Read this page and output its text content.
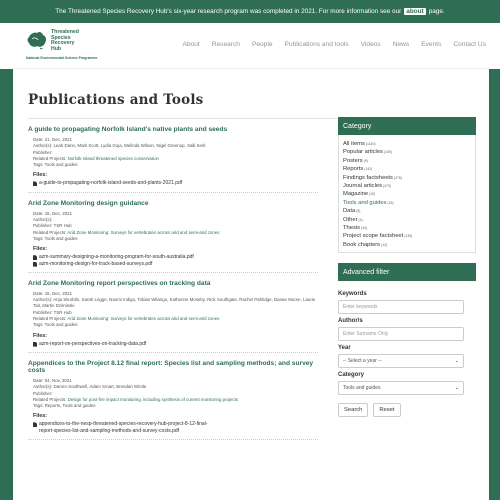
The Threatened Species Recovery Hub's six-year research program was completed in 2021. For more information see our about page.
Threatened
Species
Recovery
Hub
National Environmental Science Programme
About Research People Publications and tools Videos News Events Contact Us
Publications and Tools
A guide to propagating Norfolk Island's native plants and seeds
Date: 21, Dec, 2021
Author(s): Leah Dann, Mark Scott, Lydia Guja, Melinda Wilson, Nigel Greenup, Salli Kerk
Publisher:
Related Projects: Norfolk Island threatened species conservation
Tags: Tools and guides
Files:
a-guide-to-propagating-norfolk-island-seeds-and-plants-2021.pdf
Arid Zone Monitoring design guidance
Date: 15, Dec, 2021
Author(s):
Publisher: TSR Hub
Related Projects: Arid Zone Monitoring: Surveys for vertebrates across arid and semi-arid zones
Tags: Tools and guides
Files:
azm-summary-designing-a-monitoring-program-for-south-australia.pdf
azm-monitoring-design-for-track-based-surveys.pdf
Arid Zone Monitoring report perspectives on tracking data
Date: 15, Dec, 2021
Author(s): Anja Skroblin, Sarah Legge, Naomi Indigo, Tobias Wilango, Katherine Moseby, Rick Southgate, Rachel Paltridge, Danae Moore, Laurie Tait, Martin Dziminski
Publisher: TSR Hub
Related Projects: Arid Zone Monitoring: Surveys for vertebrates across arid and semi-arid zones
Tags: Tools and guides
Files:
azm-report-on-perspectives-on-tracking-data.pdf
Appendices to the Project 8.12 final report: Species list and sampling methods; and survey costs
Date: 04, Nov, 2021
Author(s): Darren Southwell, Adam Smart, Brendan Wintle
Publisher:
Related Projects: Design for post-fire impact monitoring, including synthesis of current monitoring projects
Tags: Reports, Tools and guides
Files:
appendices-to-the-nesp-threatened-species-recovery-hub-project-8-12-final-report-species-list-and-sampling-methods-and-survey-costs.pdf
Category
All items(1140)
Popular articles(105)
Posters(9)
Reports(142)
Findings factsheets(276)
Journal articles(473)
Magazine(19)
Tools and guides(15)
Data(5)
Other(4)
Thesis(34)
Project scope factsheet(139)
Book chapters(12)
Advanced filter
Keywords
Enter keywords
Author/s
Enter Surname Only
Year
-- Select a year --	⌄
Category
Tools and guides	⌄
Search	Reset
